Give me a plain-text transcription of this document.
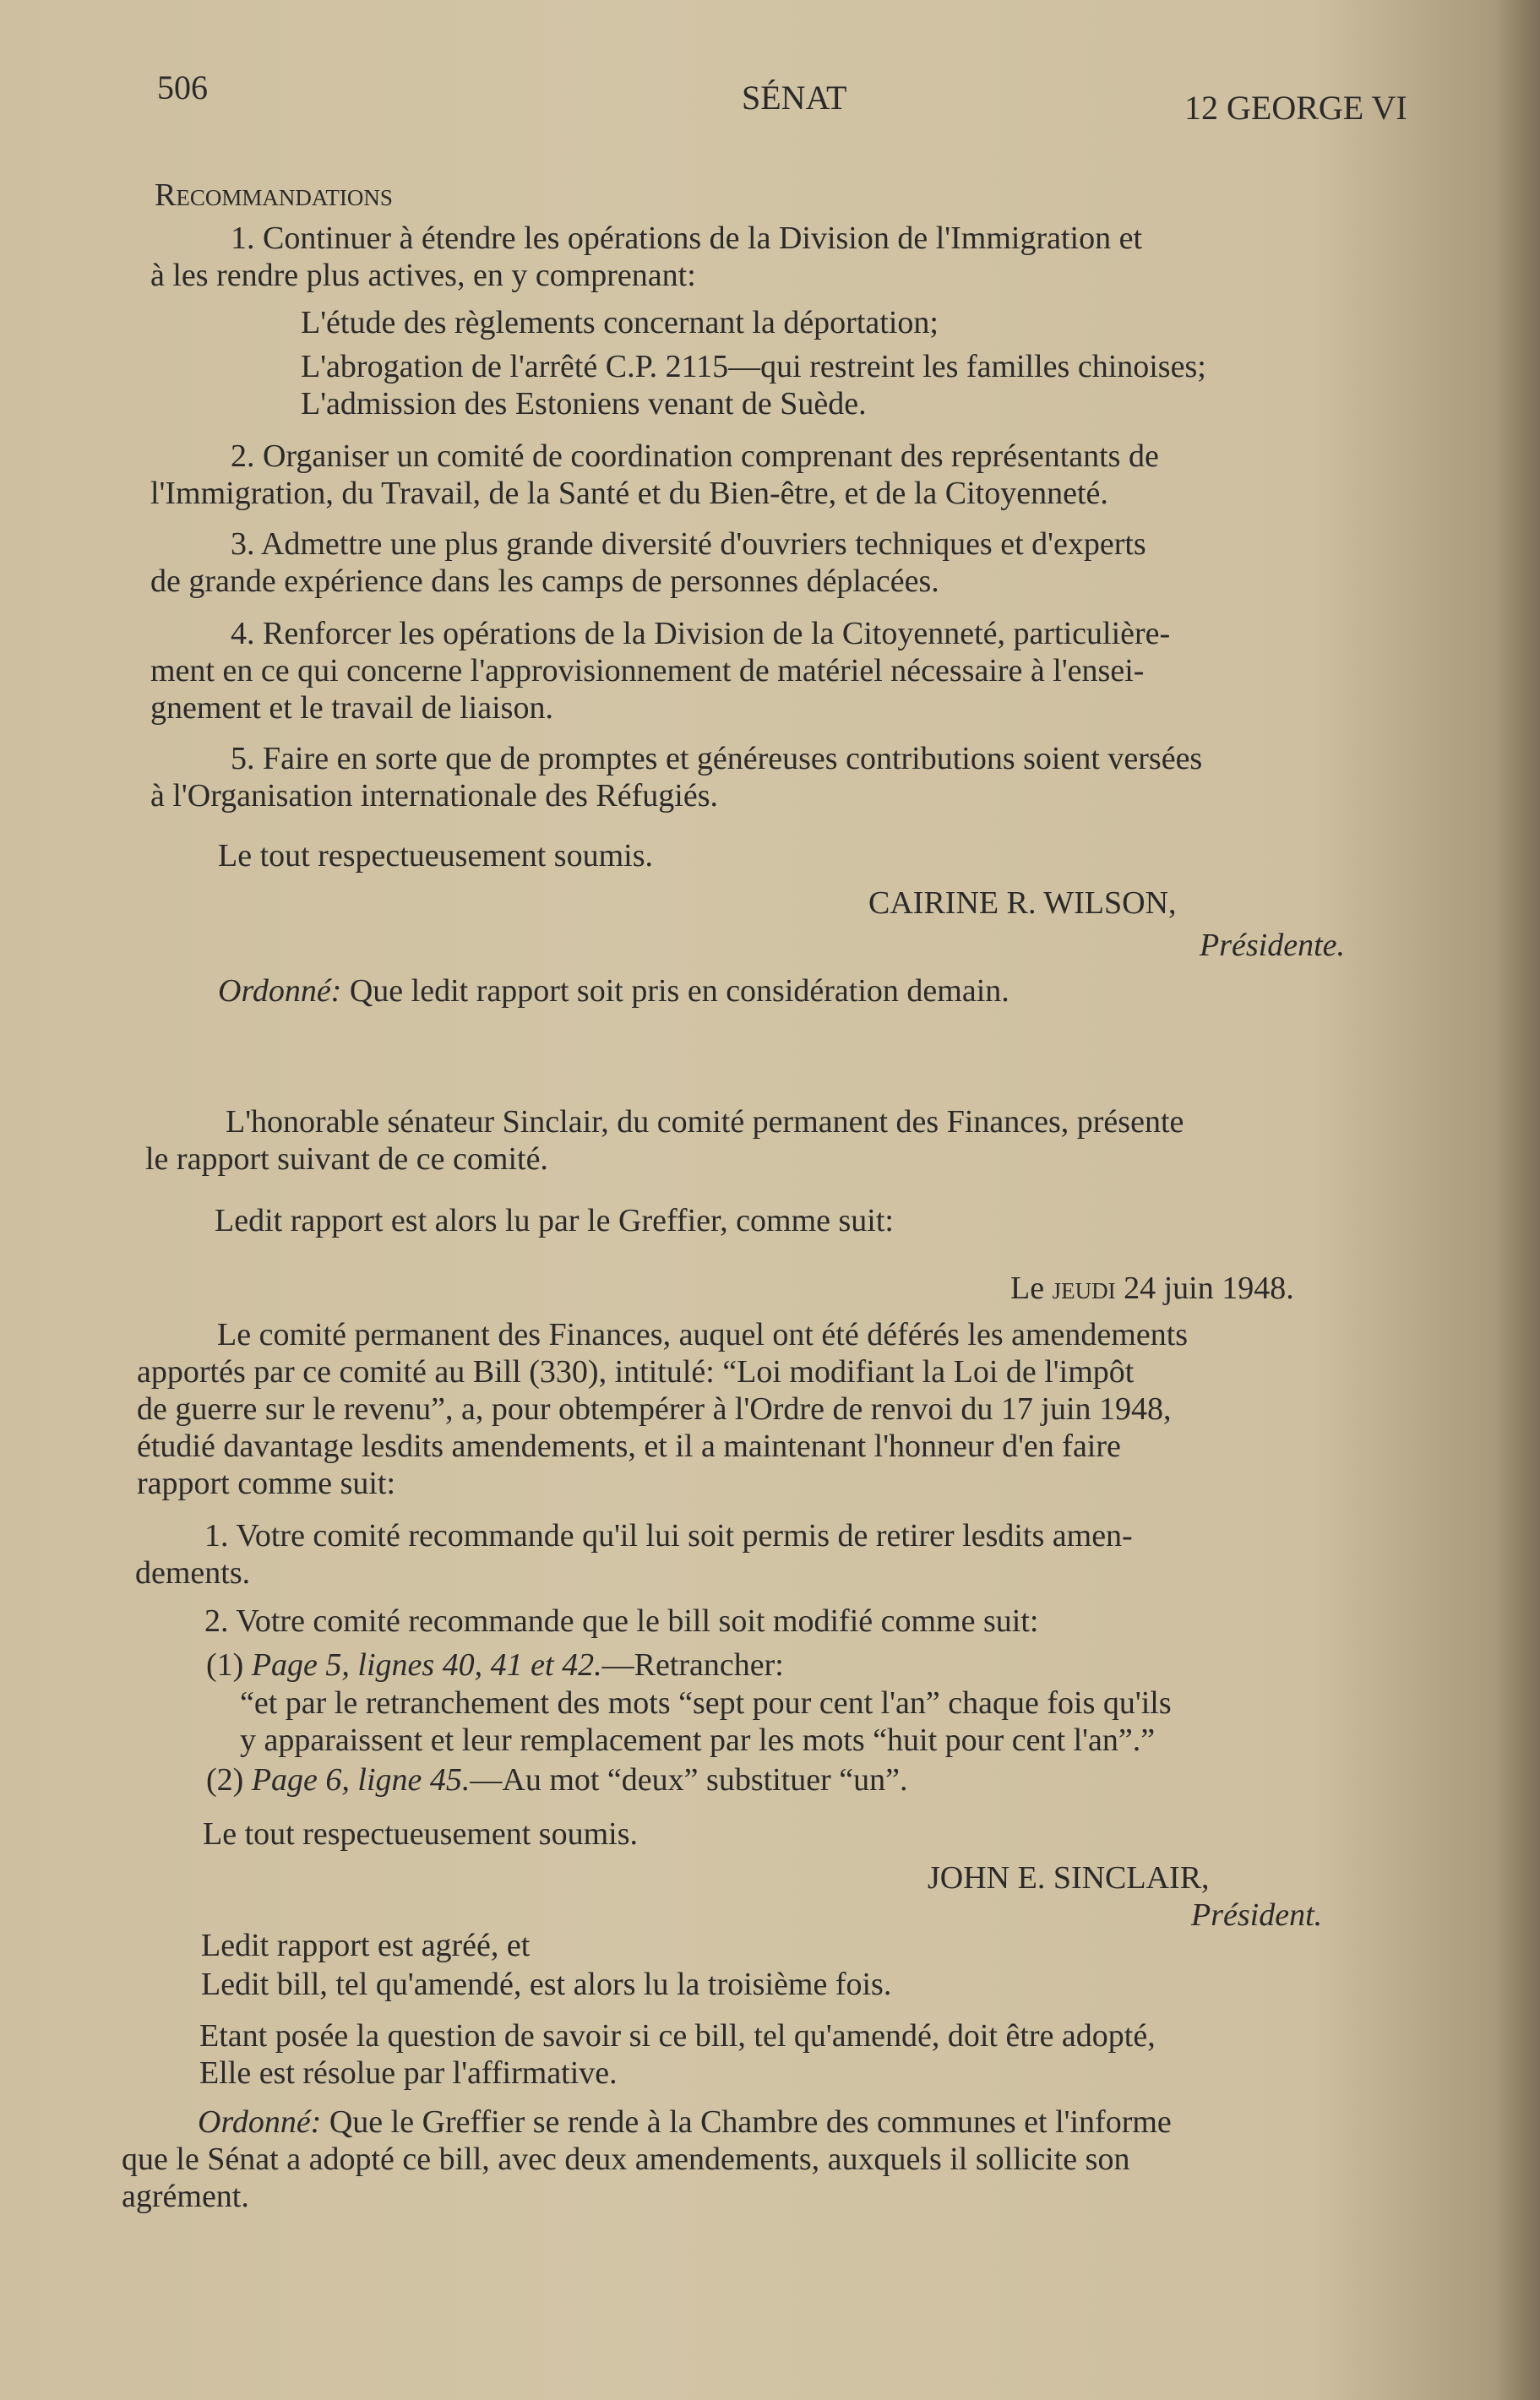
506	SÉNAT	12 GEORGE VI
Recommandations
1. Continuer à étendre les opérations de la Division de l'Immigration et
à les rendre plus actives, en y comprenant:
L'étude des règlements concernant la déportation;
L'abrogation de l'arrêté C.P. 2115—qui restreint les familles chinoises;
L'admission des Estoniens venant de Suède.
2. Organiser un comité de coordination comprenant des représentants de
l'Immigration, du Travail, de la Santé et du Bien-être, et de la Citoyenneté.
3. Admettre une plus grande diversité d'ouvriers techniques et d'experts
de grande expérience dans les camps de personnes déplacées.
4. Renforcer les opérations de la Division de la Citoyenneté, particulière-
ment en ce qui concerne l'approvisionnement de matériel nécessaire à l'ensei-
gnement et le travail de liaison.
5. Faire en sorte que de promptes et généreuses contributions soient versées
à l'Organisation internationale des Réfugiés.
Le tout respectueusement soumis.
CAIRINE R. WILSON,
Présidente.
Ordonné: Que ledit rapport soit pris en considération demain.
L'honorable sénateur Sinclair, du comité permanent des Finances, présente
le rapport suivant de ce comité.
Ledit rapport est alors lu par le Greffier, comme suit:
Le jeudi 24 juin 1948.
Le comité permanent des Finances, auquel ont été déférés les amendements
apportés par ce comité au Bill (330), intitulé: “Loi modifiant la Loi de l'impôt
de guerre sur le revenu”, a, pour obtempérer à l'Ordre de renvoi du 17 juin 1948,
étudié davantage lesdits amendements, et il a maintenant l'honneur d'en faire
rapport comme suit:
1. Votre comité recommande qu'il lui soit permis de retirer lesdits amen-
dements.
2. Votre comité recommande que le bill soit modifié comme suit:
(1) Page 5, lignes 40, 41 et 42.—Retrancher:
“et par le retranchement des mots “sept pour cent l'an” chaque fois qu'ils
y apparaissent et leur remplacement par les mots “huit pour cent l'an”.”
(2) Page 6, ligne 45.—Au mot “deux” substituer “un”.
Le tout respectueusement soumis.
JOHN E. SINCLAIR,
Président.
Ledit rapport est agréé, et
Ledit bill, tel qu'amendé, est alors lu la troisième fois.
Etant posée la question de savoir si ce bill, tel qu'amendé, doit être adopté,
Elle est résolue par l'affirmative.
Ordonné: Que le Greffier se rende à la Chambre des communes et l'informe
que le Sénat a adopté ce bill, avec deux amendements, auxquels il sollicite son
agrément.
